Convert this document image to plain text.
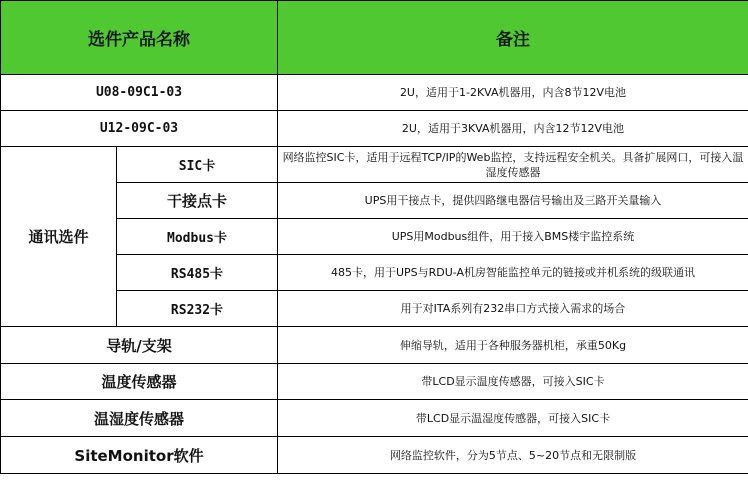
选件产品名称		备注
U08-09C1-03		2U，适用于1-2KVA机器用，内含8节12V电池
U12-09C-03		2U，适用于3KVA机器用，内含12节12V电池
通讯选件	SIC卡	网络监控SIC卡，适用于远程TCP/IP的Web监控，支持远程安全机关。具备扩展网口，可接入温湿度传感器
	干接点卡	UPS用干接点卡，提供四路继电器信号输出及三路开关量输入
	Modbus卡	UPS用Modbus组件，用于接入BMS楼宇监控系统
	RS485卡	485卡，用于UPS与RDU-A机房智能监控单元的链接或并机系统的级联通讯
	RS232卡	用于对ITA系列有232串口方式接入需求的场合
导轨/支架		伸缩导轨，适用于各种服务器机柜，承重50Kg
温度传感器		带LCD显示温度传感器，可接入SIC卡
温湿度传感器		带LCD显示温湿度传感器，可接入SIC卡
SiteMonitor软件		网络监控软件，分为5节点、5~20节点和无限制版
